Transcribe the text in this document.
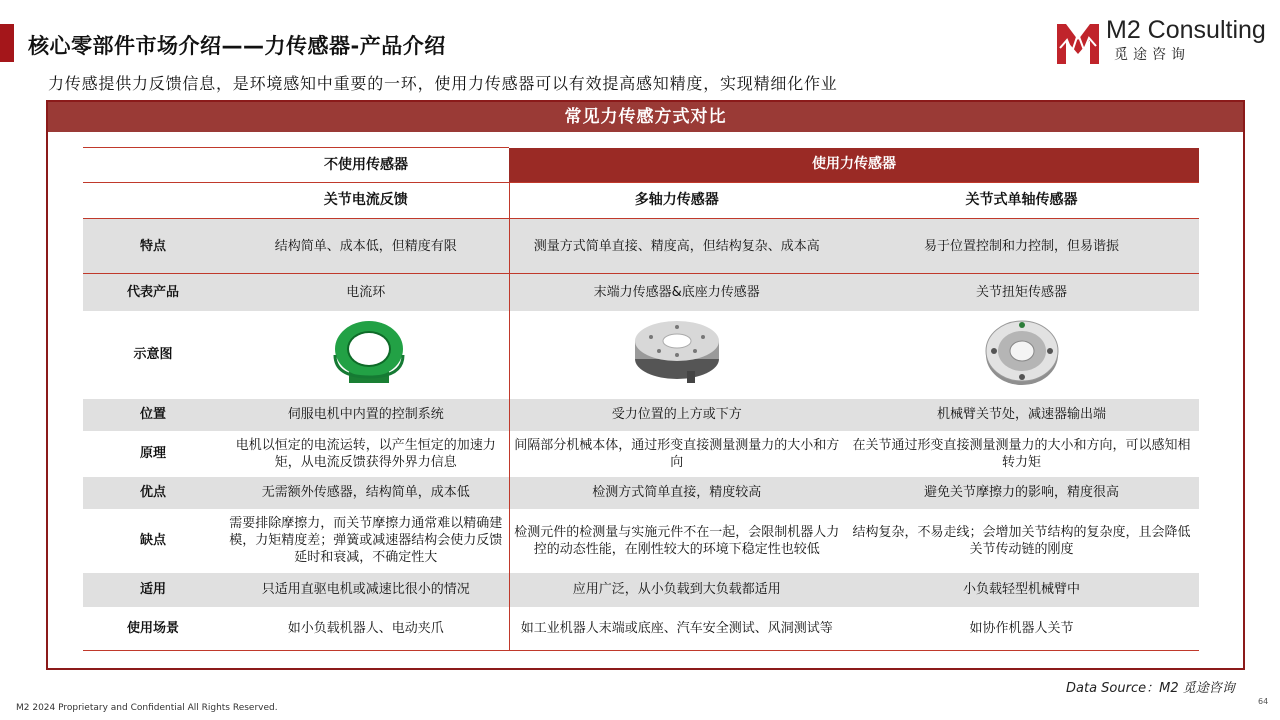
核心零部件市场介绍——力传感器-产品介绍
力传感提供力反馈信息，是环境感知中重要的一环，使用力传感器可以有效提高感知精度，实现精细化作业
M2 Consulting
觅途咨询
常见力传感方式对比
	不使用传感器	使用力传感器	
	关节电流反馈	多轴力传感器	关节式单轴传感器
特点	结构简单、成本低，但精度有限	测量方式简单直接、精度高，但结构复杂、成本高	易于位置控制和力控制，但易谐振
代表产品	电流环	末端力传感器&底座力传感器	关节扭矩传感器
示意图			
位置	伺服电机中内置的控制系统	受力位置的上方或下方	机械臂关节处，减速器输出端
原理	电机以恒定的电流运转，以产生恒定的加速力矩，从电流反馈获得外界力信息	间隔部分机械本体，通过形变直接测量测量力的大小和方向	在关节通过形变直接测量测量力的大小和方向，可以感知相转力矩
优点	无需额外传感器，结构简单，成本低	检测方式简单直接，精度较高	避免关节摩擦力的影响，精度很高
缺点	需要排除摩擦力，而关节摩擦力通常难以精确建模，力矩精度差；弹簧或减速器结构会使力反馈延时和衰减，不确定性大	检测元件的检测量与实施元件不在一起，会限制机器人力控的动态性能，在刚性较大的环境下稳定性也较低	结构复杂，不易走线；会增加关节结构的复杂度，且会降低关节传动链的刚度
适用	只适用直驱电机或减速比很小的情况	应用广泛，从小负载到大负载都适用	小负载轻型机械臂中
使用场景	如小负载机器人、电动夹爪	如工业机器人末端或底座、汽车安全测试、风洞测试等	如协作机器人关节
Data Source：M2 觅途咨询
M2 2024 Proprietary and Confidential All Rights Reserved.
64
